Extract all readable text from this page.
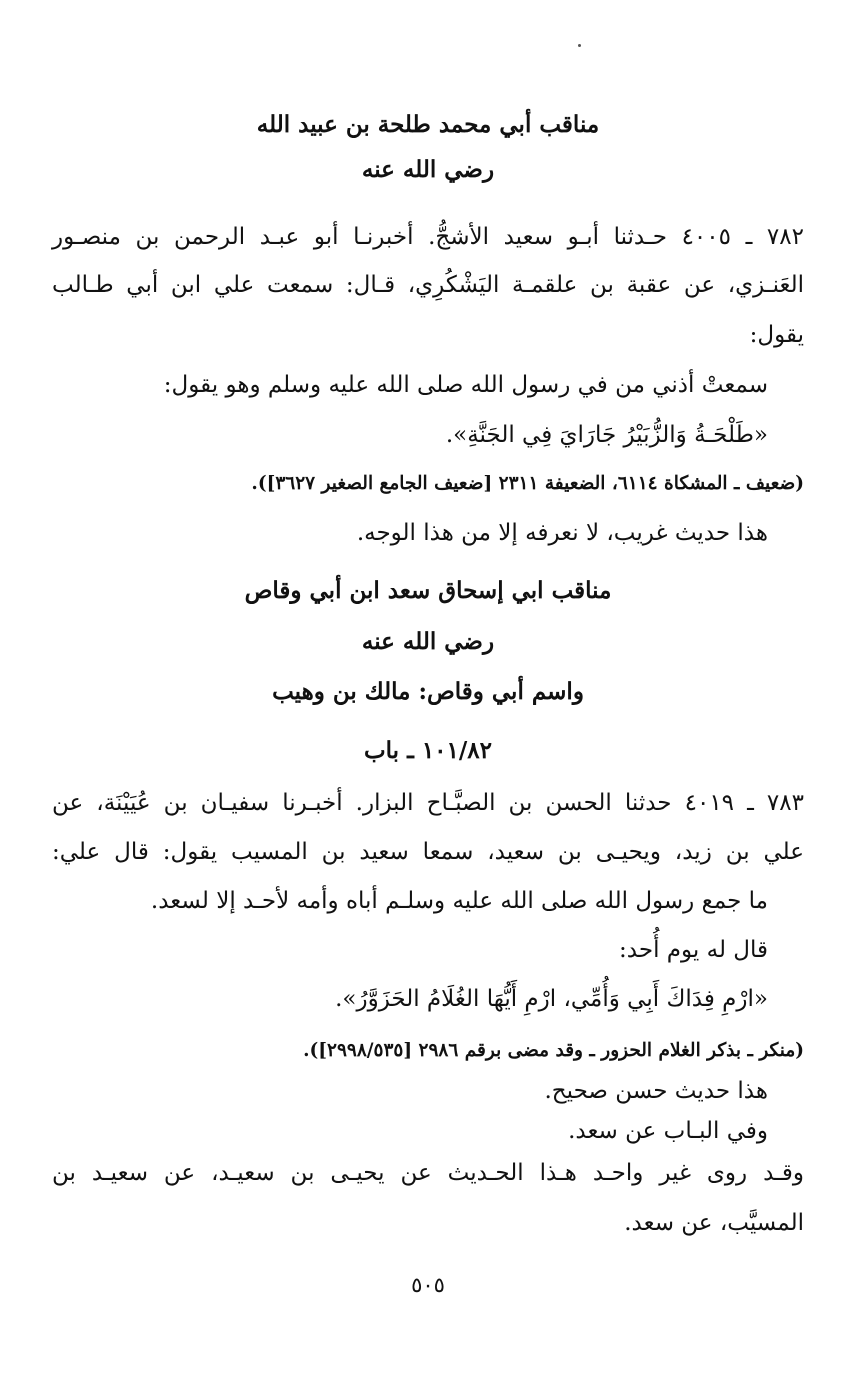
مناقب أبي محمد طلحة بن عبيد الله
رضي الله عنه
٧٨٢ ـ ٤٠٠٥ حـدثنا أبـو سعيد الأشجُّ. أخبرنـا أبو عبـد الرحمن بن منصـور
العَنـزي، عن عقبة بن علقمـة اليَشْكُرِي، قـال: سمعت علي ابن أبي طـالب
يقول:
سمعتْ أذني من في رسول الله صلى الله عليه وسلم وهو يقول:
«طَلْحَـةُ وَالزُّبَيْرُ جَارَايَ فِي الجَنَّةِ».
(ضعيف ـ المشكاة ٦١١٤، الضعيفة ٢٣١١ [ضعيف الجامع الصغير ٣٦٢٧]).
هذا حديث غريب، لا نعرفه إلا من هذا الوجه.
مناقب ابي إسحاق سعد ابن أبي وقاص
رضي الله عنه
واسم أبي وقاص: مالك بن وهيب
١٠١/٨٢ ـ باب
٧٨٣ ـ ٤٠١٩ حدثنا الحسن بن الصبَّـاح البزار. أخبـرنا سفيـان بن عُيَيْنَة، عن
علي بن زيد، ويحيـى بن سعيد، سمعا سعيد بن المسيب يقول: قال علي:
ما جمع رسول الله صلى الله عليه وسلـم أباه وأمه لأحـد إلا لسعد.
قال له يوم أُحد:
«ارْمِ فِدَاكَ أَبِي وَأُمِّي، ارْمِ أَيُّهَا الغُلَامُ الحَزَوَّرُ».
(منكر ـ بذكر الغلام الحزور ـ وقد مضى برقم ٢٩٨٦ [٢٩٩٨/٥٣٥]).
هذا حديث حسن صحيح.
وفي البـاب عن سعد.
وقـد روى غير واحـد هـذا الحـديث عن يحيـى بن سعيـد، عن سعيـد بن
المسيَّب، عن سعد.
٥٠٥
